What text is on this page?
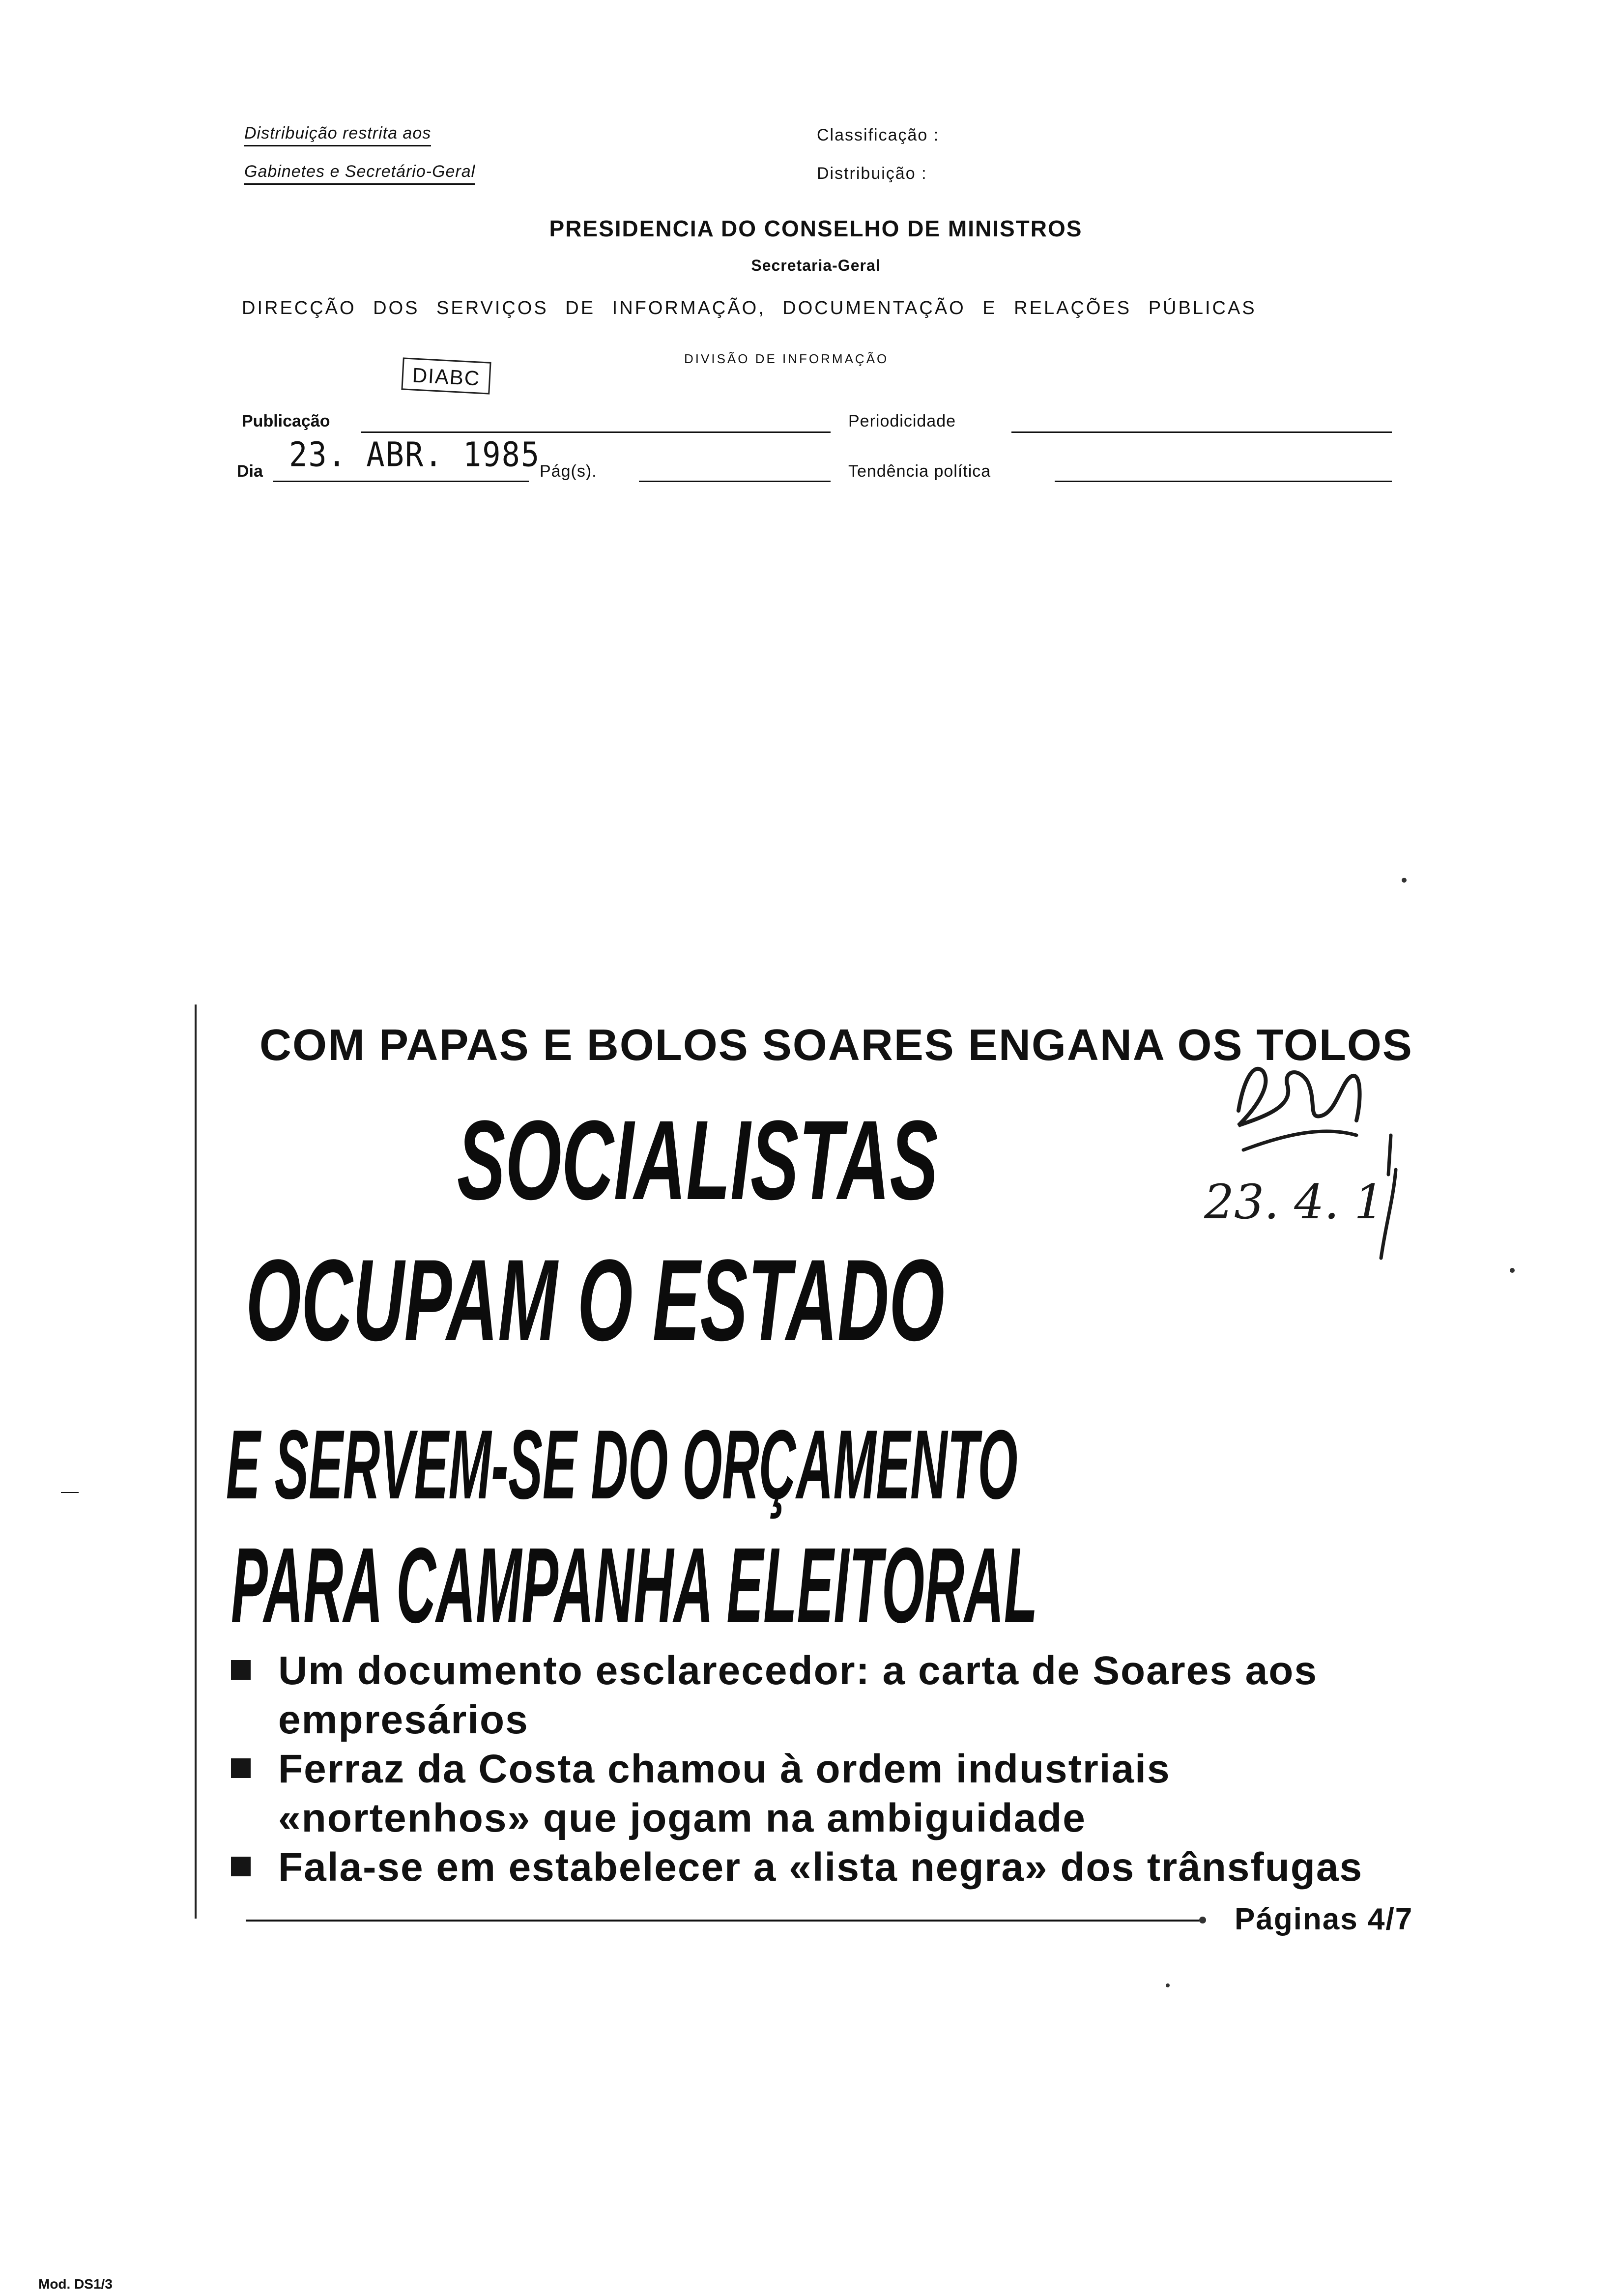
Distribuição restrita aos
Gabinetes e Secretário-Geral
Classificação :
Distribuição :
PRESIDENCIA DO CONSELHO DE MINISTROS
Secretaria-Geral
DIRECÇÃO DOS SERVIÇOS DE INFORMAÇÃO, DOCUMENTAÇÃO E RELAÇÕES PÚBLICAS
DIVISÃO DE INFORMAÇÃO
DIABC
Publicação	Periodicidade
Dia 23. ABR. 1985
Pág(s).	Tendência política
COM PAPAS E BOLOS SOARES ENGANA OS TOLOS
SOCIALISTAS
OCUPAM O ESTADO
E SERVEM-SE DO ORÇAMENTO
PARA CAMPANHA ELEITORAL
Um documento esclarecedor: a carta de Soares aos empresários
Ferraz da Costa chamou à ordem industriais «nortenhos» que jogam na ambiguidade
Fala-se em estabelecer a «lista negra» dos trânsfugas
Páginas 4/7
23. 4. 1
Mod. DS1/3
